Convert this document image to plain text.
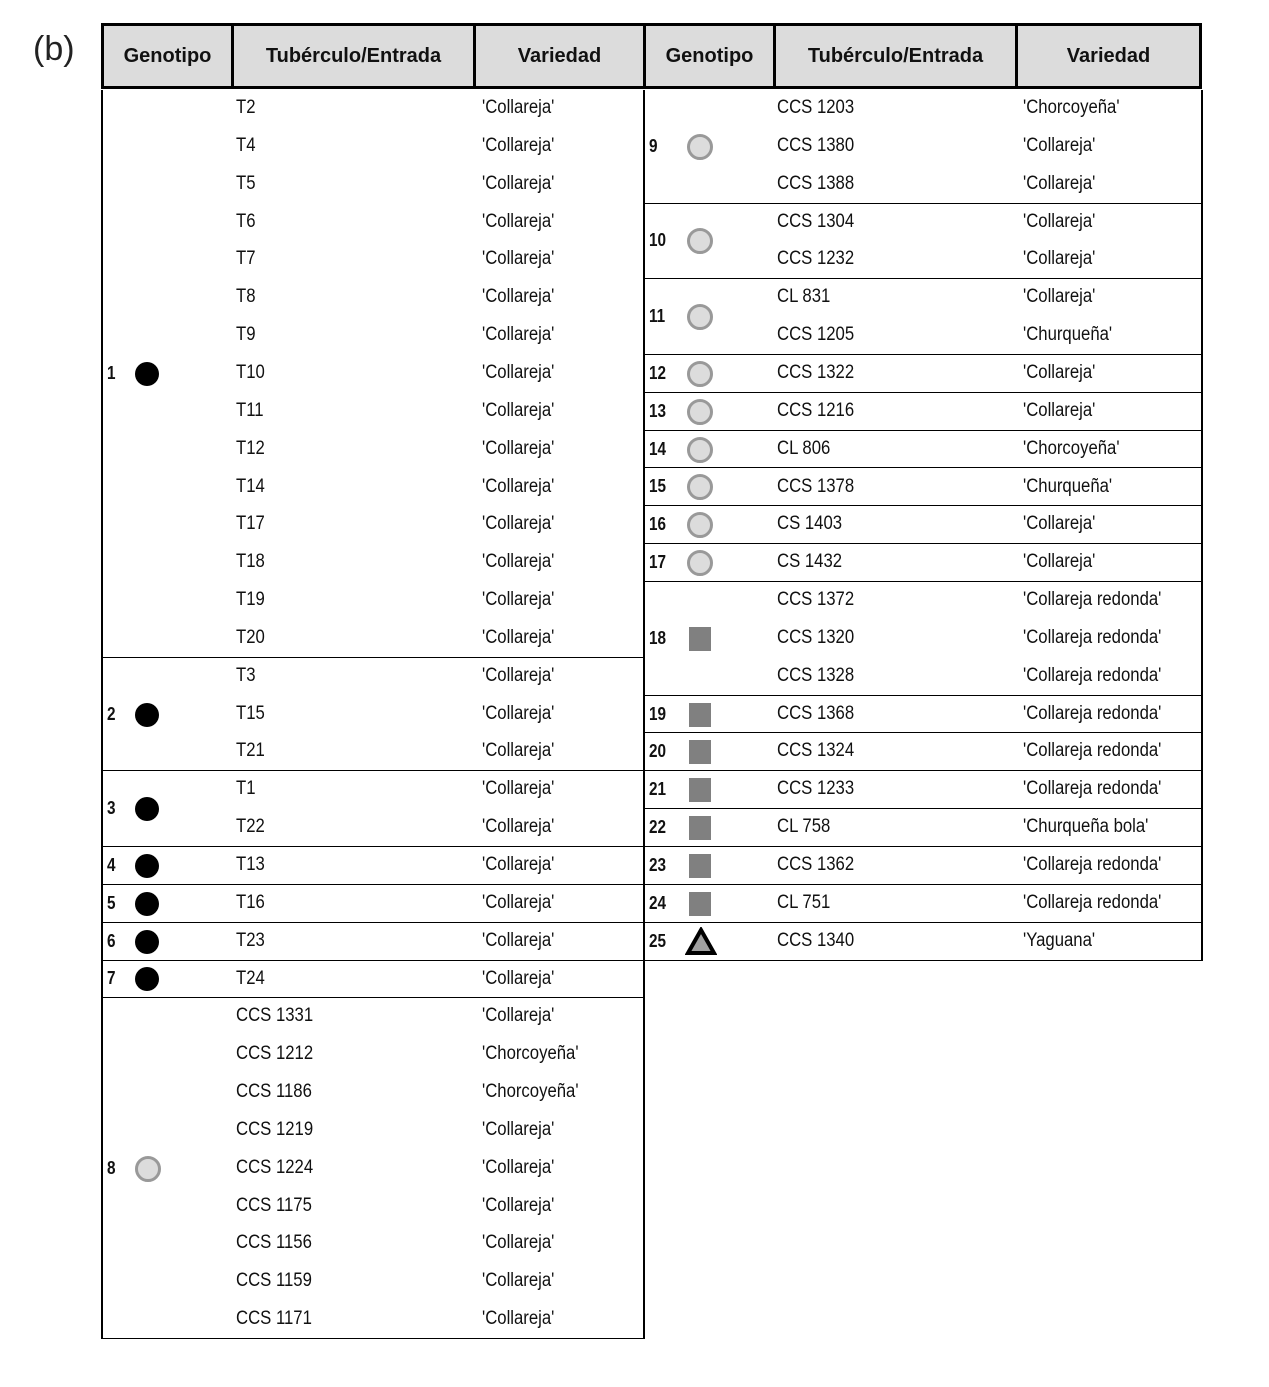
(b)	Genotipo	Tubérculo/Entrada	Variedad	Genotipo	Tubérculo/Entrada	Variedad
1
T2	'Collareja'
T4	'Collareja'
T5	'Collareja'
T6	'Collareja'
T7	'Collareja'
T8	'Collareja'
T9	'Collareja'
T10	'Collareja'
T11	'Collareja'
T12	'Collareja'
T14	'Collareja'
T17	'Collareja'
T18	'Collareja'
T19	'Collareja'
T20	'Collareja'
2
T3	'Collareja'
T15	'Collareja'
T21	'Collareja'
3
T1	'Collareja'
T22	'Collareja'
4	T13	'Collareja'
5	T16	'Collareja'
6	T23	'Collareja'
7	T24	'Collareja'
8
CCS 1331	'Collareja'
CCS 1212	'Chorcoyeña'
CCS 1186	'Chorcoyeña'
CCS 1219	'Collareja'
CCS 1224	'Collareja'
CCS 1175	'Collareja'
CCS 1156	'Collareja'
CCS 1159	'Collareja'
CCS 1171	'Collareja'
9
CCS 1203	'Chorcoyeña'
CCS 1380	'Collareja'
CCS 1388	'Collareja'
10
CCS 1304	'Collareja'
CCS 1232	'Collareja'
11
CL 831	'Collareja'
CCS 1205	'Churqueña'
12	CCS 1322	'Collareja'
13	CCS 1216	'Collareja'
14	CL 806	'Chorcoyeña'
15	CCS 1378	'Churqueña'
16	CS 1403	'Collareja'
17	CS 1432	'Collareja'
18
CCS 1372	'Collareja redonda'
CCS 1320	'Collareja redonda'
CCS 1328	'Collareja redonda'
19	CCS 1368	'Collareja redonda'
20	CCS 1324	'Collareja redonda'
21	CCS 1233	'Collareja redonda'
22	CL 758	'Churqueña bola'
23	CCS 1362	'Collareja redonda'
24	CL 751	'Collareja redonda'
25	CCS 1340	'Yaguana'
